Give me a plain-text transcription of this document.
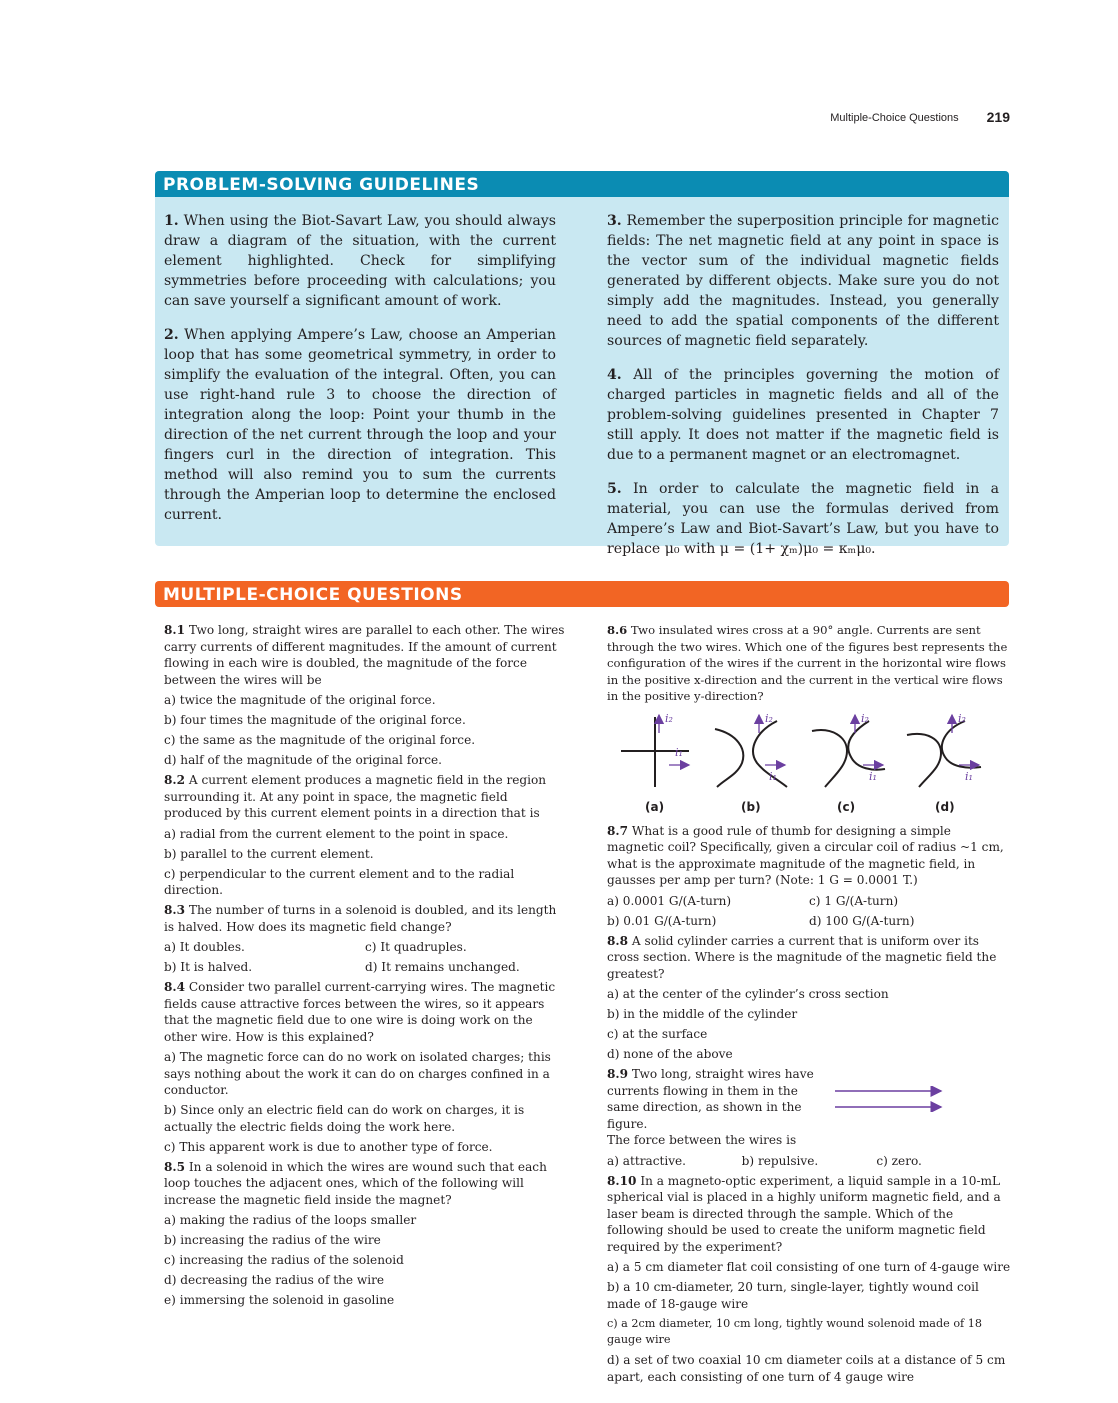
Multiple-Choice Questions 219
PROBLEM-SOLVING GUIDELINES

1. When using the Biot-Savart Law, you should always draw a diagram of the situation, with the current element highlighted. Check for simplifying symmetries before proceeding with calculations; you can save yourself a significant amount of work.

2. When applying Ampere’s Law, choose an Amperian loop that has some geometrical symmetry, in order to simplify the evaluation of the integral. Often, you can use right-hand rule 3 to choose the direction of integration along the loop: Point your thumb in the direction of the net current through the loop and your fingers curl in the direction of integration. This method will also remind you to sum the currents through the Amperian loop to determine the enclosed current.

3. Remember the superposition principle for magnetic fields: The net magnetic field at any point in space is the vector sum of the individual magnetic fields generated by different objects. Make sure you do not simply add the magnitudes. Instead, you generally need to add the spatial components of the different sources of magnetic field separately.

4. All of the principles governing the motion of charged particles in magnetic fields and all of the problem-solving guidelines presented in Chapter 7 still apply. It does not matter if the magnetic field is due to a permanent magnet or an electromagnet.

5. In order to calculate the magnetic field in a material, you can use the formulas derived from Ampere’s Law and Biot-Savart’s Law, but you have to replace μ₀ with μ = (1+ χₘ)μ₀ = κₘμ₀.

MULTIPLE-CHOICE QUESTIONS
8.1 Two long, straight wires are parallel to each other. The wires carry currents of different magnitudes. If the amount of current flowing in each wire is doubled, the magnitude of the force between the wires will be
a) twice the magnitude of the original force.
b) four times the magnitude of the original force.
c) the same as the magnitude of the original force.
d) half of the magnitude of the original force.
8.2 A current element produces a magnetic field in the region surrounding it. At any point in space, the magnetic field produced by this current element points in a direction that is
a) radial from the current element to the point in space.
b) parallel to the current element.
c) perpendicular to the current element and to the radial direction.
8.3 The number of turns in a solenoid is doubled, and its length is halved. How does its magnetic field change?
a) It doubles.	c) It quadruples.
b) It is halved.	d) It remains unchanged.
8.4 Consider two parallel current-carrying wires. The magnetic fields cause attractive forces between the wires, so it appears that the magnetic field due to one wire is doing work on the other wire. How is this explained?
a) The magnetic force can do no work on isolated charges; this says nothing about the work it can do on charges confined in a conductor.
b) Since only an electric field can do work on charges, it is actually the electric fields doing the work here.
c) This apparent work is due to another type of force.
8.5 In a solenoid in which the wires are wound such that each loop touches the adjacent ones, which of the following will increase the magnetic field inside the magnet?
a) making the radius of the loops smaller
b) increasing the radius of the wire
c) increasing the radius of the solenoid
d) decreasing the radius of the wire
e) immersing the solenoid in gasoline
8.6 Two insulated wires cross at a 90° angle. Currents are sent through the two wires. Which one of the figures best represents the configuration of the wires if the current in the horizontal wire flows in the positive x-direction and the current in the vertical wire flows in the positive y-direction?
i₂
i₁
i₂
i₁
i₂
i₁
i₂
i₁
(a)	(b)	(c)	(d)
8.7 What is a good rule of thumb for designing a simple magnetic coil? Specifically, given a circular coil of radius ~1 cm, what is the approximate magnitude of the magnetic field, in gausses per amp per turn? (Note: 1 G = 0.0001 T.)
a) 0.0001 G/(A-turn)	c) 1 G/(A-turn)
b) 0.01 G/(A-turn)	d) 100 G/(A-turn)
8.8 A solid cylinder carries a current that is uniform over its cross section. Where is the magnitude of the magnetic field the greatest?
a) at the center of the cylinder’s cross section
b) in the middle of the cylinder
c) at the surface
d) none of the above
8.9 Two long, straight wires have currents flowing in them in the same direction, as shown in the figure.
The force between the wires is
a) attractive.	b) repulsive.	c) zero.
8.10 In a magneto-optic experiment, a liquid sample in a 10-mL spherical vial is placed in a highly uniform magnetic field, and a laser beam is directed through the sample. Which of the following should be used to create the uniform magnetic field required by the experiment?
a) a 5 cm diameter flat coil consisting of one turn of 4-gauge wire
b) a 10 cm-diameter, 20 turn, single-layer, tightly wound coil made of 18-gauge wire
c) a 2cm diameter, 10 cm long, tightly wound solenoid made of 18 gauge wire
d) a set of two coaxial 10 cm diameter coils at a distance of 5 cm apart, each consisting of one turn of 4 gauge wire
